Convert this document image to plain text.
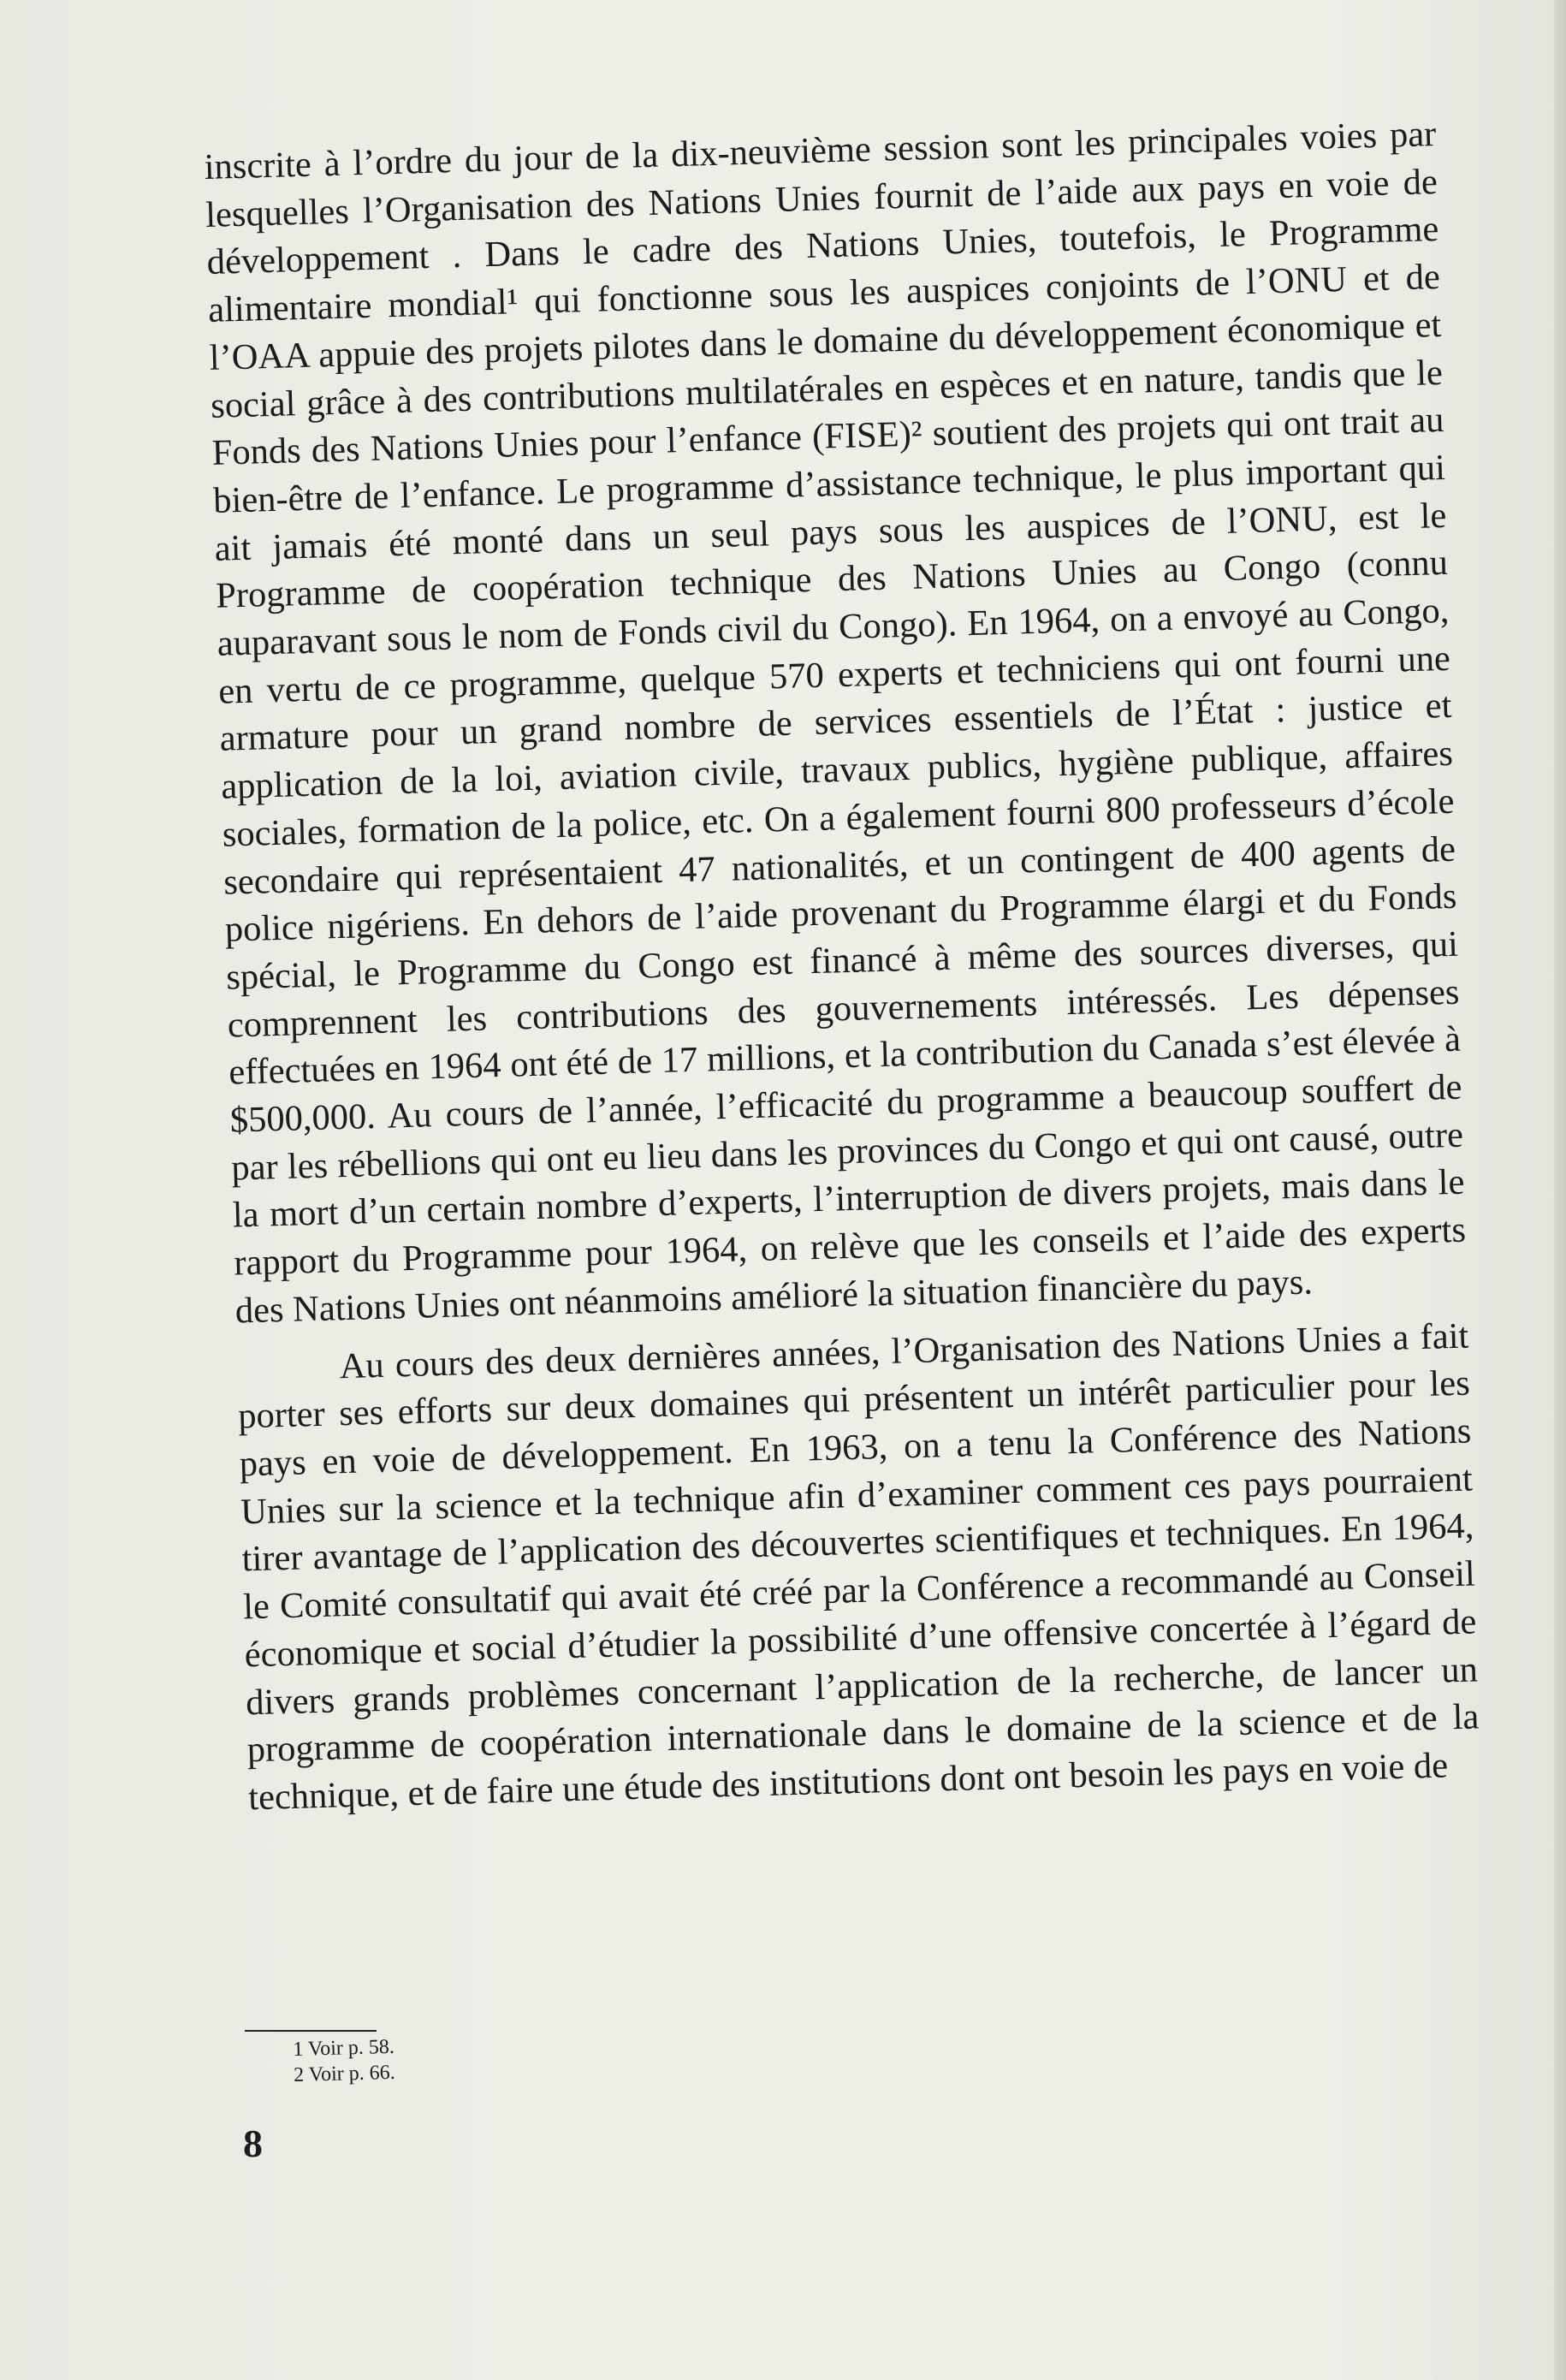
inscrite à l’ordre du jour de la dix-neuvième session sont les principales voies par lesquelles l’Organisation des Nations Unies fournit de l’aide aux pays en voie de développement . Dans le cadre des Nations Unies, toutefois, le Programme alimentaire mondial¹ qui fonctionne sous les auspices conjoints de l’ONU et de l’OAA appuie des projets pilotes dans le domaine du développement économique et social grâce à des contributions multilatérales en espèces et en nature, tandis que le Fonds des Nations Unies pour l’enfance (FISE)² soutient des projets qui ont trait au bien-être de l’enfance. Le programme d’assistance technique, le plus important qui ait jamais été monté dans un seul pays sous les auspices de l’ONU, est le Programme de coopération technique des Nations Unies au Congo (connu auparavant sous le nom de Fonds civil du Congo). En 1964, on a envoyé au Congo, en vertu de ce programme, quelque 570 experts et techniciens qui ont fourni une armature pour un grand nombre de services essentiels de l’État : justice et application de la loi, aviation civile, travaux publics, hygiène publique, affaires sociales, formation de la police, etc. On a également fourni 800 professeurs d’école secondaire qui représentaient 47 nationalités, et un contingent de 400 agents de police nigériens. En dehors de l’aide provenant du Programme élargi et du Fonds spécial, le Programme du Congo est financé à même des sources diverses, qui comprennent les contributions des gouvernements intéressés. Les dépenses effectuées en 1964 ont été de 17 millions, et la contribution du Canada s’est élevée à $500,000. Au cours de l’année, l’efficacité du programme a beaucoup souffert de par les rébellions qui ont eu lieu dans les provinces du Congo et qui ont causé, outre la mort d’un certain nombre d’experts, l’interruption de divers projets, mais dans le rapport du Programme pour 1964, on relève que les conseils et l’aide des experts des Nations Unies ont néanmoins amélioré la situation financière du pays.

Au cours des deux dernières années, l’Organisation des Nations Unies a fait porter ses efforts sur deux domaines qui présentent un intérêt particulier pour les pays en voie de développement. En 1963, on a tenu la Conférence des Nations Unies sur la science et la technique afin d’examiner comment ces pays pourraient tirer avantage de l’application des découvertes scientifiques et techniques. En 1964, le Comité consultatif qui avait été créé par la Conférence a recommandé au Conseil économique et social d’étudier la possibilité d’une offensive concertée à l’égard de divers grands problèmes concernant l’application de la recherche, de lancer un programme de coopération internationale dans le domaine de la science et de la technique, et de faire une étude des institutions dont ont besoin les pays en voie de

1 Voir p. 58.
2 Voir p. 66.
8
